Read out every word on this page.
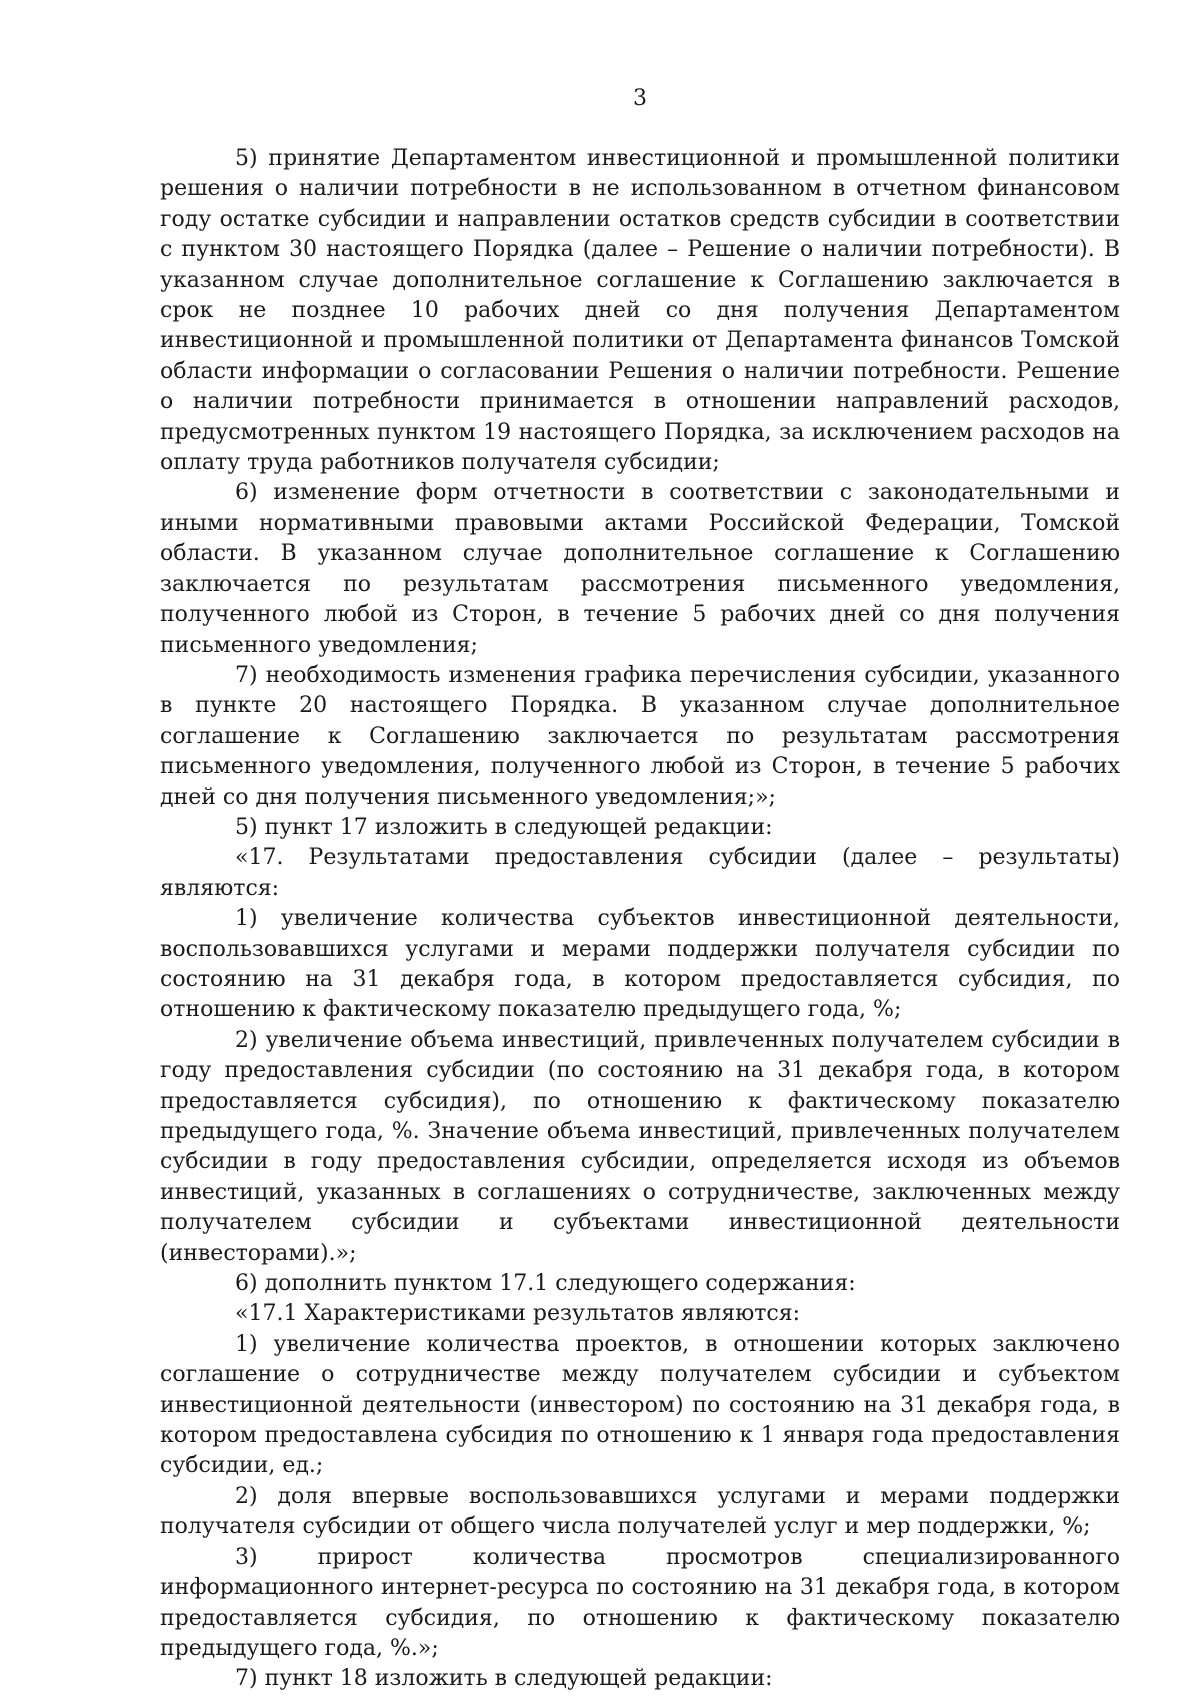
3

5) принятие Департаментом инвестиционной и промышленной политики решения о наличии потребности в не использованном в отчетном финансовом году остатке субсидии и направлении остатков средств субсидии в соответствии с пунктом 30 настоящего Порядка (далее – Решение о наличии потребности). В указанном случае дополнительное соглашение к Соглашению заключается в срок не позднее 10 рабочих дней со дня получения Департаментом инвестиционной и промышленной политики от Департамента финансов Томской области информации о согласовании Решения о наличии потребности. Решение о наличии потребности принимается в отношении направлений расходов, предусмотренных пунктом 19 настоящего Порядка, за исключением расходов на оплату труда работников получателя субсидии;

6) изменение форм отчетности в соответствии с законодательными и иными нормативными правовыми актами Российской Федерации, Томской области. В указанном случае дополнительное соглашение к Соглашению заключается по результатам рассмотрения письменного уведомления, полученного любой из Сторон, в течение 5 рабочих дней со дня получения письменного уведомления;

7) необходимость изменения графика перечисления субсидии, указанного в пункте 20 настоящего Порядка. В указанном случае дополнительное соглашение к Соглашению заключается по результатам рассмотрения письменного уведомления, полученного любой из Сторон, в течение 5 рабочих дней со дня получения письменного уведомления;»;

5) пункт 17 изложить в следующей редакции:

«17. Результатами предоставления субсидии (далее – результаты) являются:

1) увеличение количества субъектов инвестиционной деятельности, воспользовавшихся услугами и мерами поддержки получателя субсидии по состоянию на 31 декабря года, в котором предоставляется субсидия, по отношению к фактическому показателю предыдущего года, %;

2) увеличение объема инвестиций, привлеченных получателем субсидии в году предоставления субсидии (по состоянию на 31 декабря года, в котором предоставляется субсидия), по отношению к фактическому показателю предыдущего года, %. Значение объема инвестиций, привлеченных получателем субсидии в году предоставления субсидии, определяется исходя из объемов инвестиций, указанных в соглашениях о сотрудничестве, заключенных между получателем субсидии и субъектами инвестиционной деятельности (инвесторами).»;

6) дополнить пунктом 17.1 следующего содержания:

«17.1 Характеристиками результатов являются:

1) увеличение количества проектов, в отношении которых заключено соглашение о сотрудничестве между получателем субсидии и субъектом инвестиционной деятельности (инвестором) по состоянию на 31 декабря года, в котором предоставлена субсидия по отношению к 1 января года предоставления субсидии, ед.;

2) доля впервые воспользовавшихся услугами и мерами поддержки получателя субсидии от общего числа получателей услуг и мер поддержки, %;

3) прирост количества просмотров специализированного информационного интернет-ресурса по состоянию на 31 декабря года, в котором предоставляется субсидия, по отношению к фактическому показателю предыдущего года, %.»;

7) пункт 18 изложить в следующей редакции:
